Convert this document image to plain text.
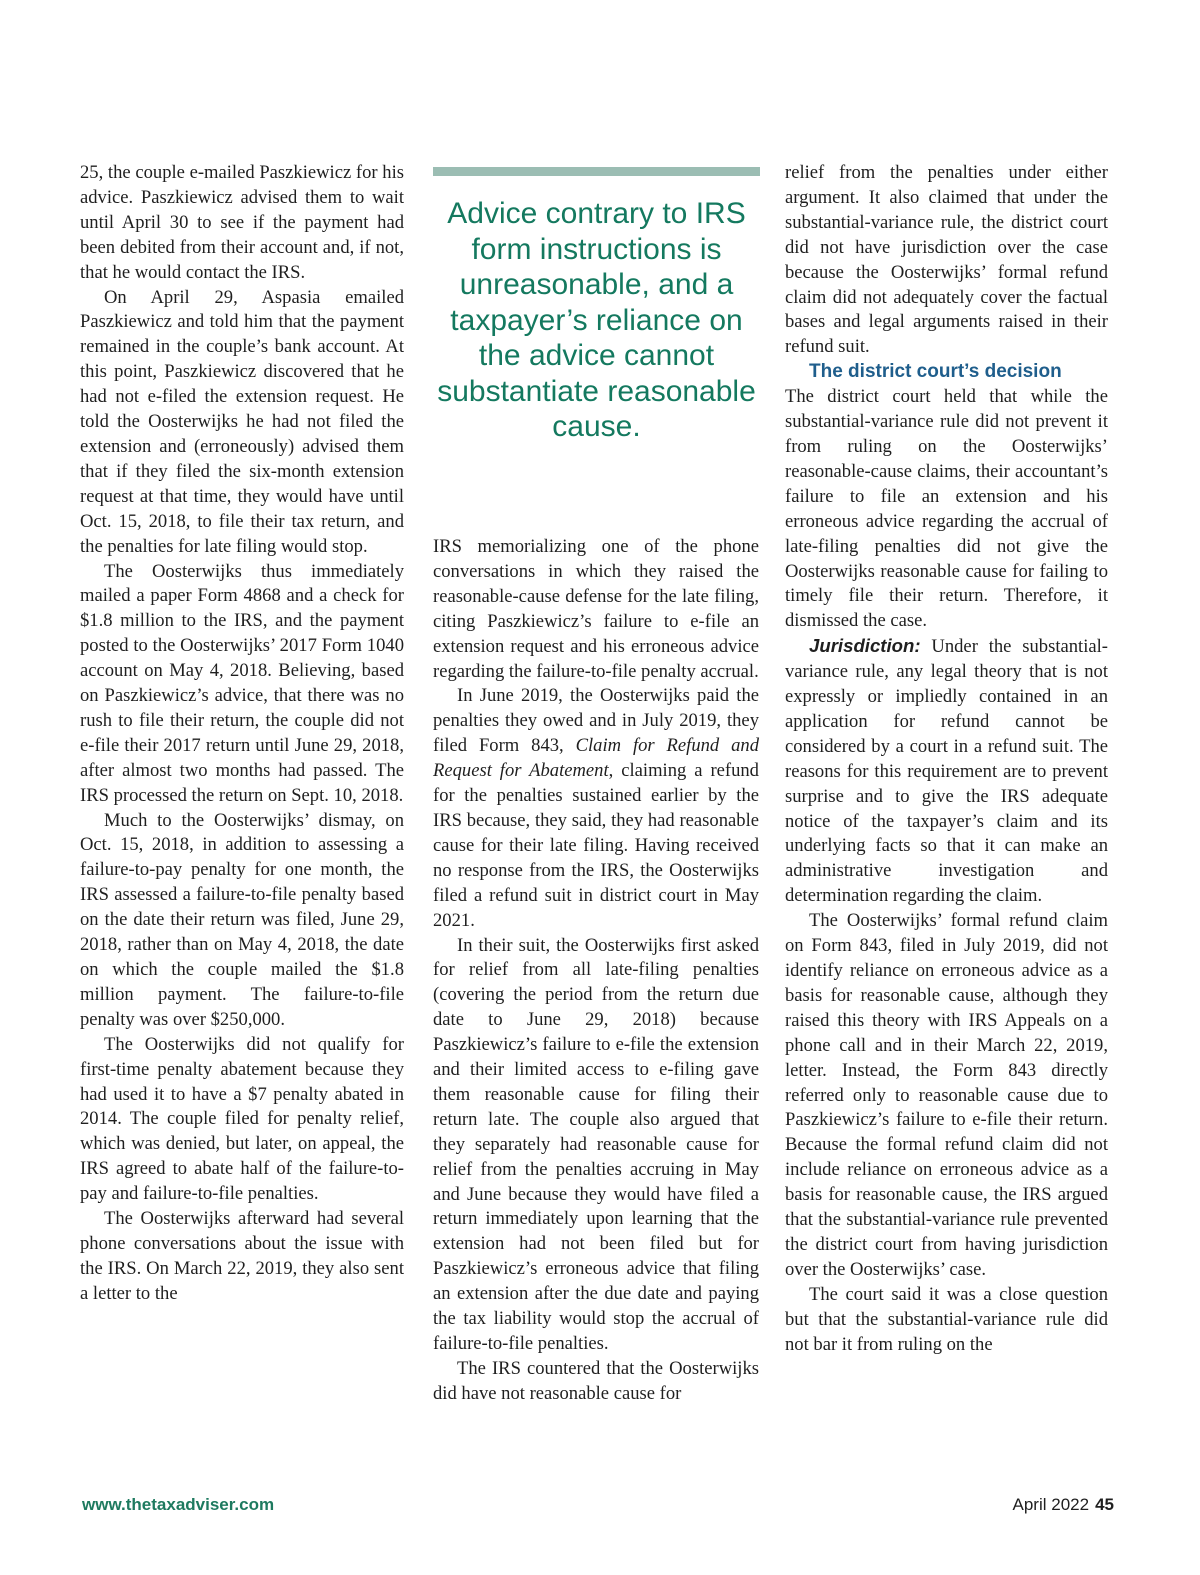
Advice contrary to IRS form instructions is unreasonable, and a taxpayer’s reliance on the advice cannot substantiate reasonable cause.

25, the couple e-mailed Paszkiewicz for his advice. Paszkiewicz advised them to wait until April 30 to see if the payment had been debited from their account and, if not, that he would contact the IRS.

On April 29, Aspasia emailed Paszkiewicz and told him that the payment remained in the couple’s bank account. At this point, Paszkiewicz discovered that he had not e-filed the extension request. He told the Oosterwijks he had not filed the extension and (erroneously) advised them that if they filed the six-month extension request at that time, they would have until Oct. 15, 2018, to file their tax return, and the penalties for late filing would stop.

The Oosterwijks thus immediately mailed a paper Form 4868 and a check for $1.8 million to the IRS, and the payment posted to the Oosterwijks’ 2017 Form 1040 account on May 4, 2018. Believing, based on Paszkiewicz’s advice, that there was no rush to file their return, the couple did not e-file their 2017 return until June 29, 2018, after almost two months had passed. The IRS processed the return on Sept. 10, 2018.

Much to the Oosterwijks’ dismay, on Oct. 15, 2018, in addition to assessing a failure-to-pay penalty for one month, the IRS assessed a failure-to-file penalty based on the date their return was filed, June 29, 2018, rather than on May 4, 2018, the date on which the couple mailed the $1.8 million payment. The failure-to-file penalty was over $250,000.

The Oosterwijks did not qualify for first-time penalty abatement because they had used it to have a $7 penalty abated in 2014. The couple filed for penalty relief, which was denied, but later, on appeal, the IRS agreed to abate half of the failure-to-pay and failure-to-file penalties.

The Oosterwijks afterward had several phone conversations about the issue with the IRS. On March 22, 2019, they also sent a letter to the

IRS memorializing one of the phone conversations in which they raised the reasonable-cause defense for the late filing, citing Paszkiewicz’s failure to e-file an extension request and his erroneous advice regarding the failure-to-file penalty accrual.

In June 2019, the Oosterwijks paid the penalties they owed and in July 2019, they filed Form 843, Claim for Refund and Request for Abatement, claiming a refund for the penalties sustained earlier by the IRS because, they said, they had reasonable cause for their late filing. Having received no response from the IRS, the Oosterwijks filed a refund suit in district court in May 2021.

In their suit, the Oosterwijks first asked for relief from all late-filing penalties (covering the period from the return due date to June 29, 2018) because Paszkiewicz’s failure to e-file the extension and their limited access to e-filing gave them reasonable cause for filing their return late. The couple also argued that they separately had reasonable cause for relief from the penalties accruing in May and June because they would have filed a return immediately upon learning that the extension had not been filed but for Paszkiewicz’s erroneous advice that filing an extension after the due date and paying the tax liability would stop the accrual of failure-to-file penalties.

The IRS countered that the Oosterwijks did have not reasonable cause for

relief from the penalties under either argument. It also claimed that under the substantial-variance rule, the district court did not have jurisdiction over the case because the Oosterwijks’ formal refund claim did not adequately cover the factual bases and legal arguments raised in their refund suit.

The district court’s decision

The district court held that while the substantial-variance rule did not prevent it from ruling on the Oosterwijks’ reasonable-cause claims, their accountant’s failure to file an extension and his erroneous advice regarding the accrual of late-filing penalties did not give the Oosterwijks reasonable cause for failing to timely file their return. Therefore, it dismissed the case.

Jurisdiction: Under the substantial-variance rule, any legal theory that is not expressly or impliedly contained in an application for refund cannot be considered by a court in a refund suit. The reasons for this requirement are to prevent surprise and to give the IRS adequate notice of the taxpayer’s claim and its underlying facts so that it can make an administrative investigation and determination regarding the claim.

The Oosterwijks’ formal refund claim on Form 843, filed in July 2019, did not identify reliance on erroneous advice as a basis for reasonable cause, although they raised this theory with IRS Appeals on a phone call and in their March 22, 2019, letter. Instead, the Form 843 directly referred only to reasonable cause due to Paszkiewicz’s failure to e-file their return. Because the formal refund claim did not include reliance on erroneous advice as a basis for reasonable cause, the IRS argued that the substantial-variance rule prevented the district court from having jurisdiction over the Oosterwijks’ case.

The court said it was a close question but that the substantial-variance rule did not bar it from ruling on the

www.thetaxadviser.com	April 2022 45
